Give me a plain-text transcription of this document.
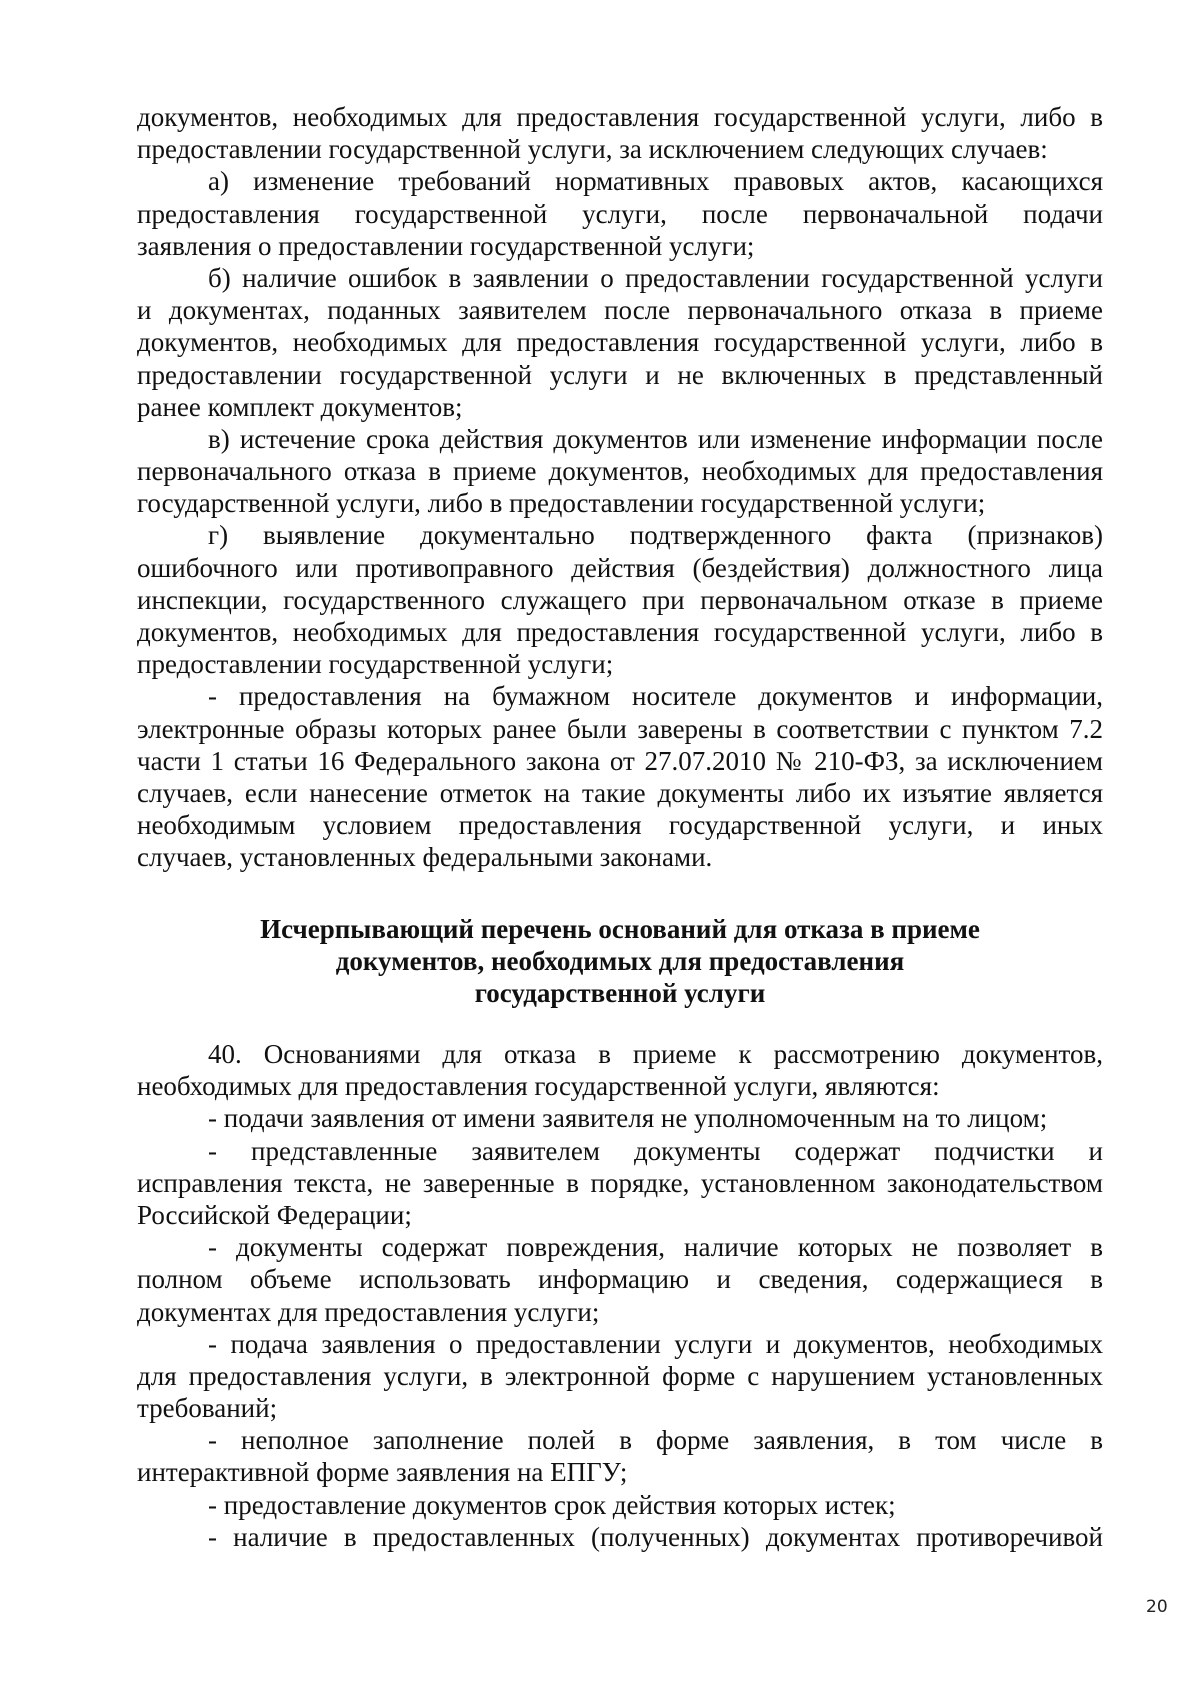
документов, необходимых для предоставления государственной услуги, либо в
предоставлении государственной услуги, за исключением следующих случаев:
а) изменение требований нормативных правовых актов, касающихся
предоставления государственной услуги, после первоначальной подачи
заявления о предоставлении государственной услуги;
б) наличие ошибок в заявлении о предоставлении государственной услуги
и документах, поданных заявителем после первоначального отказа в приеме
документов, необходимых для предоставления государственной услуги, либо в
предоставлении государственной услуги и не включенных в представленный
ранее комплект документов;
в) истечение срока действия документов или изменение информации после
первоначального отказа в приеме документов, необходимых для предоставления
государственной услуги, либо в предоставлении государственной услуги;
г) выявление документально подтвержденного факта (признаков)
ошибочного или противоправного действия (бездействия) должностного лица
инспекции, государственного служащего при первоначальном отказе в приеме
документов, необходимых для предоставления государственной услуги, либо в
предоставлении государственной услуги;
- предоставления на бумажном носителе документов и информации,
электронные образы которых ранее были заверены в соответствии с пунктом 7.2
части 1 статьи 16 Федерального закона от 27.07.2010 № 210-ФЗ, за исключением
случаев, если нанесение отметок на такие документы либо их изъятие является
необходимым условием предоставления государственной услуги, и иных
случаев, установленных федеральными законами.
Исчерпывающий перечень оснований для отказа в приеме
документов, необходимых для предоставления
государственной услуги
40. Основаниями для отказа в приеме к рассмотрению документов,
необходимых для предоставления государственной услуги, являются:
- подачи заявления от имени заявителя не уполномоченным на то лицом;
- представленные заявителем документы содержат подчистки и
исправления текста, не заверенные в порядке, установленном законодательством
Российской Федерации;
- документы содержат повреждения, наличие которых не позволяет в
полном объеме использовать информацию и сведения, содержащиеся в
документах для предоставления услуги;
- подача заявления о предоставлении услуги и документов, необходимых
для предоставления услуги, в электронной форме с нарушением установленных
требований;
- неполное заполнение полей в форме заявления, в том числе в
интерактивной форме заявления на ЕПГУ;
- предоставление документов срок действия которых истек;
- наличие в предоставленных (полученных) документах противоречивой
20
